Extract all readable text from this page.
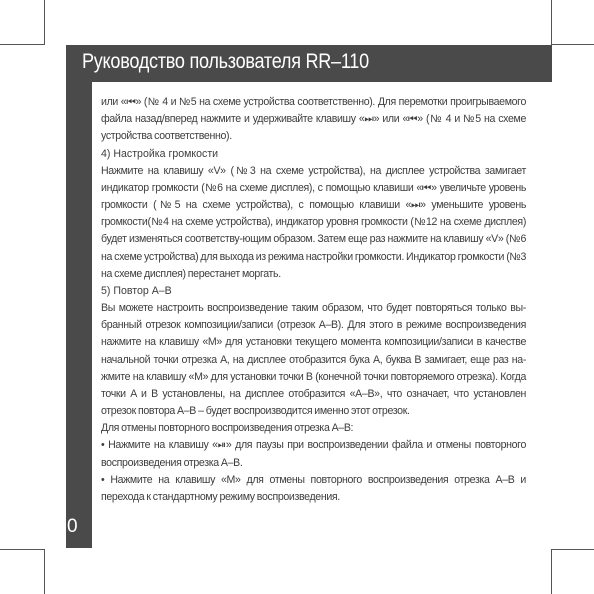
Руководство пользователя RR–110
10

или «⏮» (№ 4 и №5 на схеме устройства соответственно). Для перемотки проигрываемого файла назад/вперед нажмите и удерживайте клавишу «⏭» или «⏮» (№ 4 и №5 на схеме устройства соответственно).

4) Настройка громкости

Нажмите на клавишу «V» (№3 на схеме устройства), на дисплее устройства замигает индикатор громкости (№6 на схеме дисплея), с помощью клавиши «⏮» увеличьте уровень громкости (№5 на схеме устройства), с помощью клавиши «⏭» уменьшите уровень громкости(№4 на схеме устройства), индикатор уровня громкости (№12 на схеме дисплея) будет изменяться соответству-ющим образом. Затем еще раз нажмите на клавишу «V» (№6 на схеме устройства) для выхода из режима настройки громкости. Индикатор громкости (№3 на схеме дисплея) перестанет моргать.

5) Повтор A–B

Вы можете настроить воспроизведение таким образом, что будет повторяться только вы-бранный отрезок композиции/записи (отрезок A–B). Для этого в режиме воспроизведения нажмите на клавишу «M» для установки текущего момента композиции/записи в качестве начальной точки отрезка A, на дисплее отобразится бука A, буква B замигает, еще раз на-жмите на клавишу «M» для установки точки B (конечной точки повторяемого отрезка). Когда точки A и B установлены, на дисплее отобразится «A–B», что означает, что установлен отрезок повтора A–B – будет воспроизводится именно этот отрезок.

Для отмены повторного воспроизведения отрезка A–B:

• Нажмите на клавишу «⏯» для паузы при воспроизведении файла и отмены повторного воспроизведения отрезка A–B.

• Нажмите на клавишу «M» для отмены повторного воспроизведения отрезка A–B и перехода к стандартному режиму воспроизведения.
